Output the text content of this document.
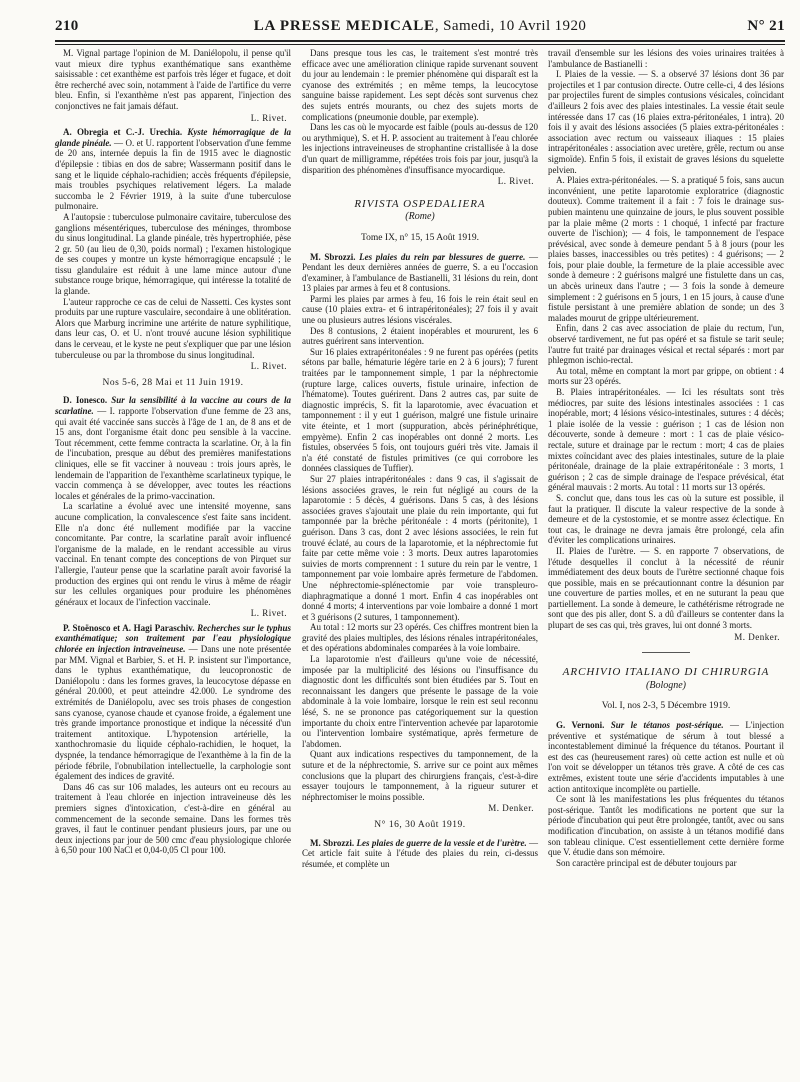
210	LA PRESSE MEDICALE, Samedi, 10 Avril 1920	N° 21

M. Vignal partage l'opinion de M. Daniélopolu, il pense qu'il vaut mieux dire typhus exanthématique sans exanthème saisissable : cet exanthème est parfois très léger et fugace, et doit être recherché avec soin, notamment à l'aide de l'artifice du verre bleu. Enfin, si l'exanthème n'est pas apparent, l'injection des conjonctives ne fait jamais défaut.

L. Rivet.

A. Obregia et C.-J. Urechia. Kyste hémorragique de la glande pinéale. — O. et U. rapportent l'observation d'une femme de 20 ans, internée depuis la fin de 1915 avec le diagnostic d'épilepsie : tibias en dos de sabre; Wassermann positif dans le sang et le liquide céphalo-rachidien; accès fréquents d'épilepsie, mais troubles psychiques relativement légers. La malade succomba le 2 Février 1919, à la suite d'une tuberculose pulmonaire.

A l'autopsie : tuberculose pulmonaire cavitaire, tuberculose des ganglions mésentériques, tuberculose des méninges, thrombose du sinus longitudinal. La glande pinéale, très hypertrophiée, pèse 2 gr. 50 (au lieu de 0,30, poids normal) ; l'examen histologique de ses coupes y montre un kyste hémorragique encapsulé ; le tissu glandulaire est réduit à une lame mince autour d'une substance rouge brique, hémorragique, qui intéresse la totalité de la glande.

L'auteur rapproche ce cas de celui de Nassetti. Ces kystes sont produits par une rupture vasculaire, secondaire à une oblitération. Alors que Marburg incrimine une artérite de nature syphilitique, dans leur cas, O. et U. n'ont trouvé aucune lésion syphilitique dans le cerveau, et le kyste ne peut s'expliquer que par une lésion tuberculeuse ou par la thrombose du sinus longitudinal.

L. Rivet.
Nos 5-6, 28 Mai et 11 Juin 1919.

D. Ionesco. Sur la sensibilité à la vaccine au cours de la scarlatine. — I. rapporte l'observation d'une femme de 23 ans, qui avait été vaccinée sans succès à l'âge de 1 an, de 8 ans et de 15 ans, dont l'organisme était donc peu sensible à la vaccine. Tout récemment, cette femme contracta la scarlatine. Or, à la fin de l'incubation, presque au début des premières manifestations cliniques, elle se fit vacciner à nouveau : trois jours après, le lendemain de l'apparition de l'exanthème scarlatineux typique, le vaccin commença à se développer, avec toutes les réactions locales et générales de la primo-vaccination.

La scarlatine a évolué avec une intensité moyenne, sans aucune complication, la convalescence s'est faite sans incident. Elle n'a donc été nullement modifiée par la vaccine concomitante. Par contre, la scarlatine paraît avoir influencé l'organisme de la malade, en le rendant accessible au virus vaccinal. En tenant compte des conceptions de von Pirquet sur l'allergie, l'auteur pense que la scarlatine paraît avoir favorisé la production des ergines qui ont rendu le virus à même de réagir sur les cellules organiques pour produire les phénomènes généraux et locaux de l'infection vaccinale.

L. Rivet.

P. Stoënosco et A. Hagi Paraschiv. Recherches sur le typhus exanthématique; son traitement par l'eau physiologique chlorée en injection intraveineuse. — Dans une note présentée par MM. Vignal et Barbier, S. et H. P. insistent sur l'importance, dans le typhus exanthématique, du leucopronostic de Daniélopolu : dans les formes graves, la leucocytose dépasse en général 20.000, et peut atteindre 42.000. Le syndrome des extrémités de Daniélopolu, avec ses trois phases de congestion sans cyanose, cyanose chaude et cyanose froide, a également une très grande importance pronostique et indique la nécessité d'un traitement antitoxique. L'hypotension artérielle, la xanthochromasie du liquide céphalo-rachidien, le hoquet, la dyspnée, la tendance hémorragique de l'exanthème à la fin de la période fébrile, l'obnubilation intellectuelle, la carphologie sont également des indices de gravité.

Dans 46 cas sur 106 malades, les auteurs ont eu recours au traitement à l'eau chlorée en injection intraveineuse dès les premiers signes d'intoxication, c'est-à-dire en général au commencement de la seconde semaine. Dans les formes très graves, il faut le continuer pendant plusieurs jours, par une ou deux injections par jour de 500 cmc d'eau physiologique chlorée à 6,50 pour 100 NaCl et 0,04-0,05 Cl pour 100.

Dans presque tous les cas, le traitement s'est montré très efficace avec une amélioration clinique rapide survenant souvent du jour au lendemain : le premier phénomène qui disparaît est la cyanose des extrémités ; en même temps, la leucocytose sanguine baisse rapidement. Les sept décès sont survenus chez des sujets entrés mourants, ou chez des sujets morts de complications (pneumonie double, par exemple).

Dans les cas où le myocarde est faible (pouls au-dessus de 120 ou arythmique), S. et H. P. associent au traitement à l'eau chlorée les injections intraveineuses de strophantine cristallisée à la dose d'un quart de milligramme, répétées trois fois par jour, jusqu'à la disparition des phénomènes d'insuffisance myocardique.

L. Rivet.
RIVISTA OSPEDALIERA
(Rome)
Tome IX, n° 15, 15 Août 1919.

M. Sbrozzi. Les plaies du rein par blessures de guerre. — Pendant les deux dernières années de guerre, S. a eu l'occasion d'examiner, à l'ambulance de Bastianelli, 31 lésions du rein, dont 13 plaies par armes à feu et 8 contusions.

Parmi les plaies par armes à feu, 16 fois le rein était seul en cause (10 plaies extra- et 6 intrapéritonéales); 27 fois il y avait une ou plusieurs autres lésions viscérales.

Des 8 contusions, 2 étaient inopérables et moururent, les 6 autres guérirent sans intervention.

Sur 16 plaies extrapéritonéales : 9 ne furent pas opérées (petits sétons par balle, hématurie légère tarie en 2 à 6 jours); 7 furent traitées par le tamponnement simple, 1 par la néphrectomie (rupture large, calices ouverts, fistule urinaire, infection de l'hématome). Toutes guérirent. Dans 2 autres cas, par suite de diagnostic imprécis, S. fit la laparotomie, avec évacuation et tamponnement : il y eut 1 guérison, malgré une fistule urinaire vite éteinte, et 1 mort (suppuration, abcès périnéphrétique, empyème). Enfin 2 cas inopérables ont donné 2 morts. Les fistules, observées 5 fois, ont toujours guéri très vite. Jamais il n'a été constaté de fistules primitives (ce qui corrobore les données classiques de Tuffier).

Sur 27 plaies intrapéritonéales : dans 9 cas, il s'agissait de lésions associées graves, le rein fut négligé au cours de la laparotomie : 5 décès, 4 guérisons. Dans 5 cas, à des lésions associées graves s'ajoutait une plaie du rein importante, qui fut tamponnée par la brèche péritonéale : 4 morts (péritonite), 1 guérison. Dans 3 cas, dont 2 avec lésions associées, le rein fut trouvé éclaté, au cours de la laparotomie, et la néphrectomie fut faite par cette même voie : 3 morts. Deux autres laparotomies suivies de morts comprennent : 1 suture du rein par le ventre, 1 tamponnement par voie lombaire après fermeture de l'abdomen. Une néphrectomie-splénectomie par voie transpleuro-diaphragmatique a donné 1 mort. Enfin 4 cas inopérables ont donné 4 morts; 4 interventions par voie lombaire a donné 1 mort et 3 guérisons (2 sutures, 1 tamponnement).

Au total : 12 morts sur 23 opérés. Ces chiffres montrent bien la gravité des plaies multiples, des lésions rénales intrapéritonéales, et des opérations abdominales comparées à la voie lombaire.

La laparotomie n'est d'ailleurs qu'une voie de nécessité, imposée par la multiplicité des lésions ou l'insuffisance du diagnostic dont les difficultés sont bien étudiées par S. Tout en reconnaissant les dangers que présente le passage de la voie abdominale à la voie lombaire, lorsque le rein est seul reconnu lésé, S. ne se prononce pas catégoriquement sur la question importante du choix entre l'intervention achevée par laparotomie ou l'intervention lombaire systématique, après fermeture de l'abdomen.

Quant aux indications respectives du tamponnement, de la suture et de la néphrectomie, S. arrive sur ce point aux mêmes conclusions que la plupart des chirurgiens français, c'est-à-dire essayer toujours le tamponnement, à la rigueur suturer et néphrectomiser le moins possible.

M. Denker.
N° 16, 30 Août 1919.

M. Sbrozzi. Les plaies de guerre de la vessie et de l'urètre. — Cet article fait suite à l'étude des plaies du rein, ci-dessus résumée, et complète un

travail d'ensemble sur les lésions des voies urinaires traitées à l'ambulance de Bastianelli :

I. Plaies de la vessie. — S. a observé 37 lésions dont 36 par projectiles et 1 par contusion directe. Outre celle-ci, 4 des lésions par projectiles furent de simples contusions vésicales, coïncidant d'ailleurs 2 fois avec des plaies intestinales. La vessie était seule intéressée dans 17 cas (16 plaies extra-péritonéales, 1 intra). 20 fois il y avait des lésions associées (5 plaies extra-péritonéales : association avec rectum ou vaisseaux iliaques : 15 plaies intrapéritonéales : association avec uretère, grêle, rectum ou anse sigmoïde). Enfin 5 fois, il existait de graves lésions du squelette pelvien.

A. Plaies extra-péritonéales. — S. a pratiqué 5 fois, sans aucun inconvénient, une petite laparotomie exploratrice (diagnostic douteux). Comme traitement il a fait : 7 fois le drainage sus-pubien maintenu une quinzaine de jours, le plus souvent possible par la plaie même (2 morts : 1 choqué, 1 infecté par fracture ouverte de l'ischion); — 4 fois, le tamponnement de l'espace prévésical, avec sonde à demeure pendant 5 à 8 jours (pour les plaies basses, inaccessibles ou très petites) : 4 guérisons; — 2 fois, pour plaie double, la fermeture de la plaie accessible avec sonde à demeure : 2 guérisons malgré une fistulette dans un cas, un abcès urineux dans l'autre ; — 3 fois la sonde à demeure simplement : 2 guérisons en 5 jours, 1 en 15 jours, à cause d'une fistule persistant à une première ablation de sonde; un des 3 malades mourut de grippe ultérieurement.

Enfin, dans 2 cas avec association de plaie du rectum, l'un, observé tardivement, ne fut pas opéré et sa fistule se tarit seule; l'autre fut traité par drainages vésical et rectal séparés : mort par phlegmon ischio-rectal.

Au total, même en comptant la mort par grippe, on obtient : 4 morts sur 23 opérés.

B. Plaies intrapéritonéales. — Ici les résultats sont très médiocres, par suite des lésions intestinales associées : 1 cas inopérable, mort; 4 lésions vésico-intestinales, sutures : 4 décès; 1 plaie isolée de la vessie : guérison ; 1 cas de lésion non découverte, sonde à demeure : mort : 1 cas de plaie vésico-rectale, suture et drainage par le rectum : mort; 4 cas de plaies mixtes coïncidant avec des plaies intestinales, suture de la plaie péritonéale, drainage de la plaie extrapéritonéale : 3 morts, 1 guérison ; 2 cas de simple drainage de l'espace prévésical, état général mauvais : 2 morts. Au total : 11 morts sur 13 opérés.

S. conclut que, dans tous les cas où la suture est possible, il faut la pratiquer. Il discute la valeur respective de la sonde à demeure et de la cystostomie, et se montre assez éclectique. En tout cas, le drainage ne devra jamais être prolongé, cela afin d'éviter les complications urinaires.

II. Plaies de l'urètre. — S. en rapporte 7 observations, de l'étude desquelles il conclut à la nécessité de réunir immédiatement des deux bouts de l'urètre sectionné chaque fois que possible, mais en se précautionnant contre la désunion par une couverture de parties molles, et en ne suturant la peau que partiellement. La sonde à demeure, le cathétérisme rétrograde ne sont que des pis aller, dont S. a dû d'ailleurs se contenter dans la plupart de ses cas qui, très graves, lui ont donné 3 morts.

M. Denker.
ARCHIVIO ITALIANO DI CHIRURGIA
(Bologne)
Vol. I, nos 2-3, 5 Décembre 1919.

G. Vernoni. Sur le tétanos post-sérique. — L'injection préventive et systématique de sérum à tout blessé a incontestablement diminué la fréquence du tétanos. Pourtant il est des cas (heureusement rares) où cette action est nulle et où l'on voit se développer un tétanos très grave. A côté de ces cas extrêmes, existent toute une série d'accidents imputables à une action antitoxique incomplète ou partielle.

Ce sont là les manifestations les plus fréquentes du tétanos post-sérique. Tantôt les modifications ne portent que sur la période d'incubation qui peut être prolongée, tantôt, avec ou sans modification d'incubation, on assiste à un tétanos modifié dans son tableau clinique. C'est essentiellement cette dernière forme que V. étudie dans son mémoire.

Son caractère principal est de débuter toujours par
